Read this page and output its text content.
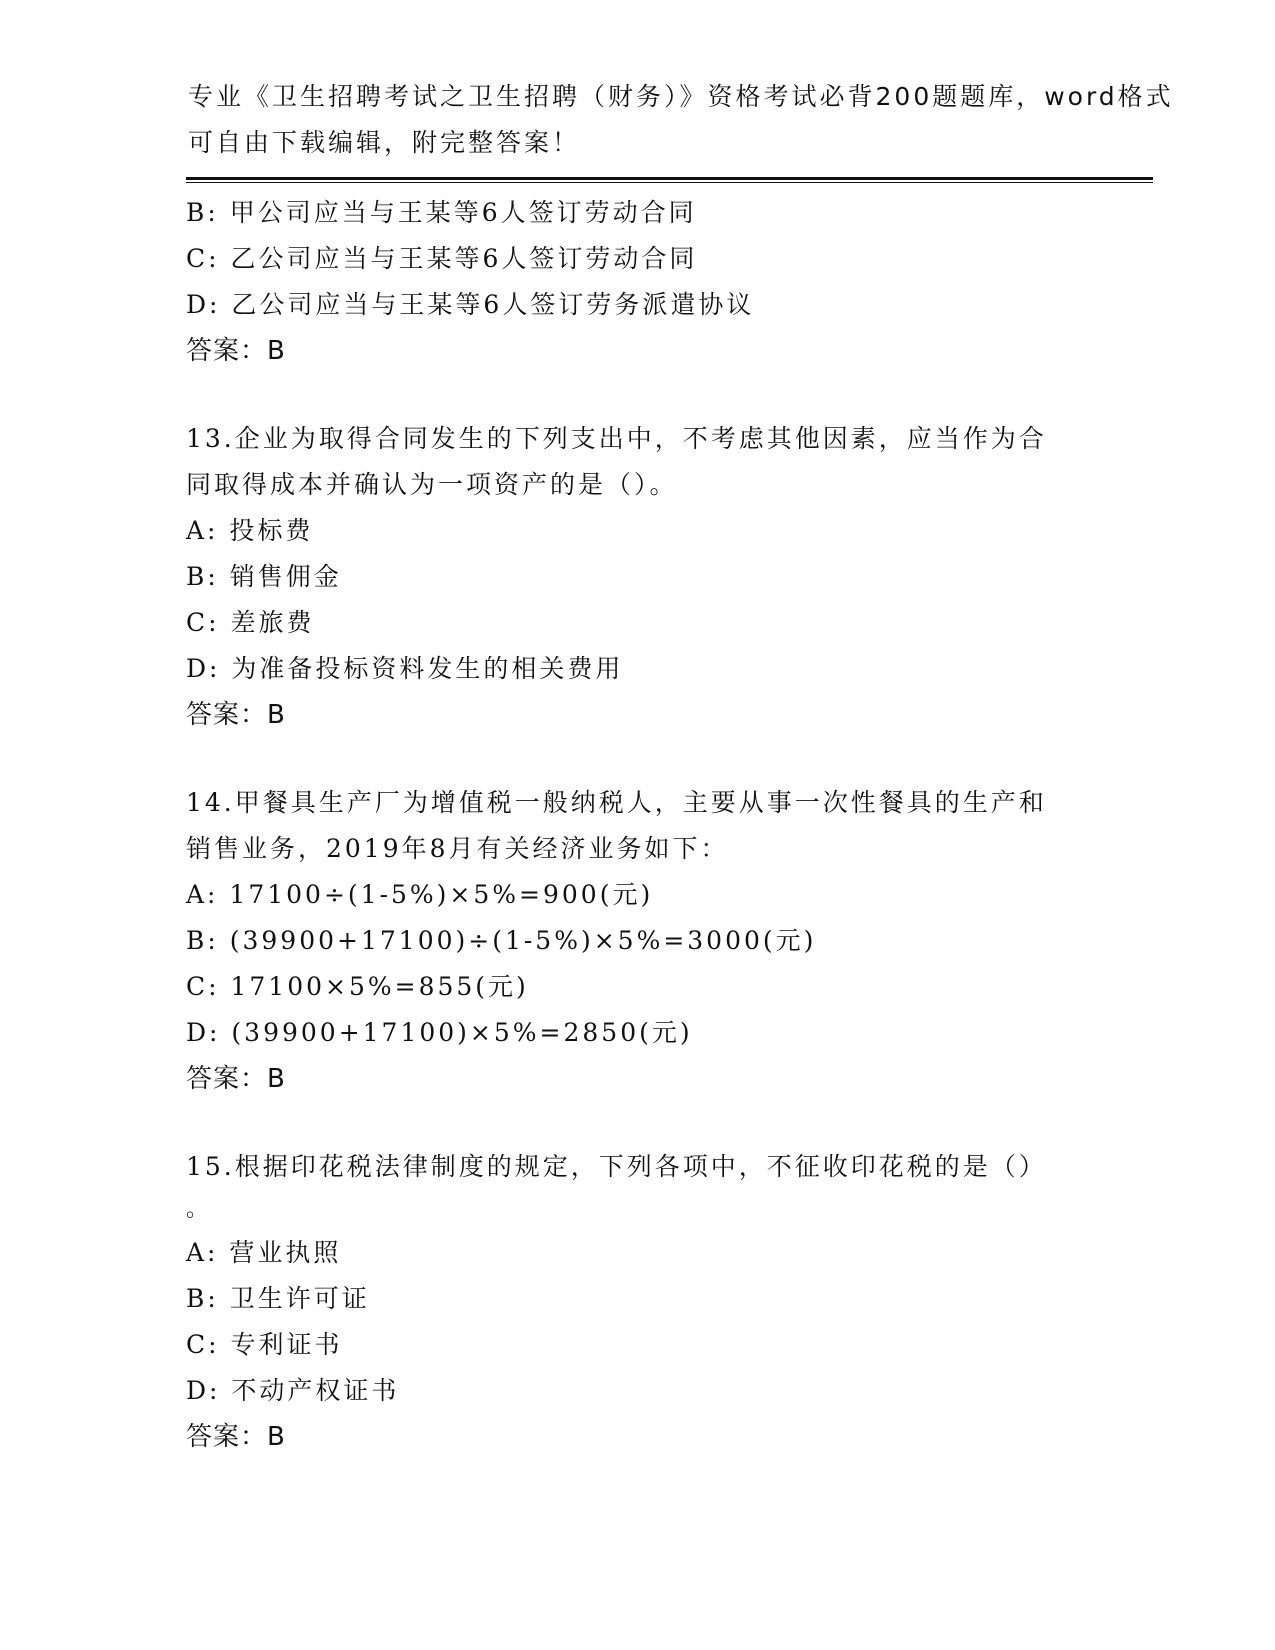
专业《卫生招聘考试之卫生招聘（财务）》资格考试必背200题题库，word格式
可自由下载编辑，附完整答案！
B: 甲公司应当与王某等6人签订劳动合同
C: 乙公司应当与王某等6人签订劳动合同
D: 乙公司应当与王某等6人签订劳务派遣协议
答案：B
13.企业为取得合同发生的下列支出中，不考虑其他因素，应当作为合
同取得成本并确认为一项资产的是（）。
A: 投标费
B: 销售佣金
C: 差旅费
D: 为准备投标资料发生的相关费用
答案：B
14.甲餐具生产厂为增值税一般纳税人，主要从事一次性餐具的生产和
销售业务，2019年8月有关经济业务如下：
A: 17100÷(1-5%)×5%=900(元)
B: (39900+17100)÷(1-5%)×5%=3000(元)
C: 17100×5%=855(元)
D: (39900+17100)×5%=2850(元)
答案：B
15.根据印花税法律制度的规定，下列各项中，不征收印花税的是（）
。
A: 营业执照
B: 卫生许可证
C: 专利证书
D: 不动产权证书
答案：B
